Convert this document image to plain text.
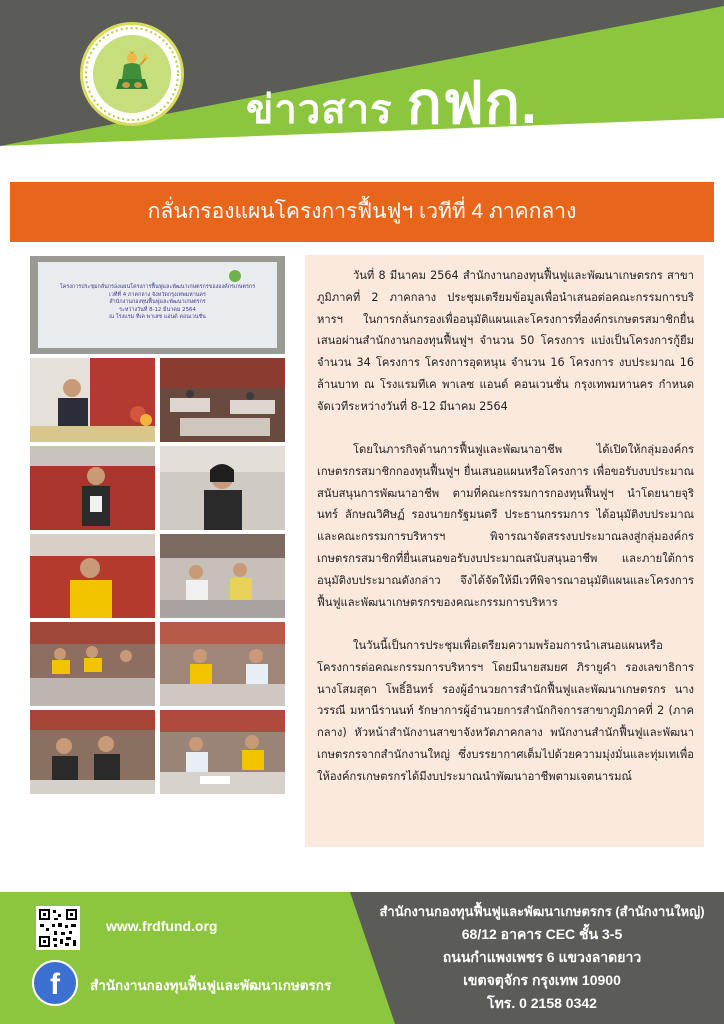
ข่าวสาร กฟก.
กลั่นกรองแผนโครงการฟื้นฟูฯ เวทีที่ 4 ภาคกลาง
โครงการประชุมกลั่นกรองแผนโครงการฟื้นฟูและพัฒนาเกษตรกรขององค์กรเกษตรกร
เวทีที่ 4 ภาคกลาง จังหวัดกรุงเทพมหานคร
สำนักงานกองทุนฟื้นฟูและพัฒนาเกษตรกร
ระหว่างวันที่ 8-12 มีนาคม 2564
ณ โรงแรม ทีเค พาเลซ แอนด์ คอนเวนชั่น

วันที่ 8 มีนาคม 2564 สำนักงานกองทุนฟื้นฟูและพัฒนาเกษตรกร สาขาภูมิภาคที่ 2 ภาคกลาง ประชุมเตรียมข้อมูลเพื่อนำเสนอต่อคณะกรรมการบริหารฯ ในการกลั่นกรองเพื่ออนุมัติแผนและโครงการที่องค์กรเกษตรสมาชิกยื่นเสนอผ่านสำนักงานกองทุนฟื้นฟูฯ จำนวน 50 โครงการ แบ่งเป็นโครงการกู้ยืมจำนวน 34 โครงการ โครงการอุดหนุน จำนวน 16 โครงการ งบประมาณ 16 ล้านบาท ณ โรงแรมทีเค พาเลซ แอนด์ คอนเวนชั่น กรุงเทพมหานคร กำหนดจัดเวทีระหว่างวันที่ 8-12 มีนาคม 2564

โดยในภารกิจด้านการฟื้นฟูและพัฒนาอาชีพ ได้เปิดให้กลุ่มองค์กรเกษตรกรสมาชิกกองทุนฟื้นฟูฯ ยื่นเสนอแผนหรือโครงการ เพื่อขอรับงบประมาณสนับสนุนการพัฒนาอาชีพ ตามที่คณะกรรมการกองทุนฟื้นฟูฯ นำโดยนายจุรินทร์ ลักษณวิศิษฏ์ รองนายกรัฐมนตรี ประธานกรรมการ ได้อนุมัติงบประมาณ และคณะกรรมการบริหารฯ พิจารณาจัดสรรงบประมาณลงสู่กลุ่มองค์กรเกษตรกรสมาชิกที่ยื่นเสนอขอรับงบประมาณสนับสนุนอาชีพ และภายใต้การอนุมัติงบประมาณดังกล่าว จึงได้จัดให้มีเวทีพิจารณาอนุมัติแผนและโครงการฟื้นฟูและพัฒนาเกษตรกรของคณะกรรมการบริหาร

ในวันนี้เป็นการประชุมเพื่อเตรียมความพร้อมการนำเสนอแผนหรือโครงการต่อคณะกรรมการบริหารฯ โดยมีนายสมยศ ภิรายูคำ รองเลขาธิการ นางโสมสุดา โพธิ์อินทร์ รองผู้อำนวยการสำนักฟื้นฟูและพัฒนาเกษตรกร นางวรรณี มหานีรานนท์ รักษาการผู้อำนวยการสำนักกิจการสาขาภูมิภาคที่ 2 (ภาคกลาง) หัวหน้าสำนักงานสาขาจังหวัดภาคกลาง พนักงานสำนักฟื้นฟูและพัฒนาเกษตรกรจากสำนักงานใหญ่ ซึ่งบรรยากาศเต็มไปด้วยความมุ่งมั่นและทุ่มเทเพื่อให้องค์กรเกษตรกรได้มีงบประมาณนำพัฒนาอาชีพตามเจตนารมณ์

www.frdfund.org
f	สำนักงานกองทุนฟื้นฟูและพัฒนาเกษตรกร
สำนักงานกองทุนฟื้นฟูและพัฒนาเกษตรกร (สำนักงานใหญ่)
68/12 อาคาร CEC ชั้น 3-5
ถนนกำแพงเพชร 6 แขวงลาดยาว
เขตจตุจักร กรุงเทพ 10900
โทร. 0 2158 0342
